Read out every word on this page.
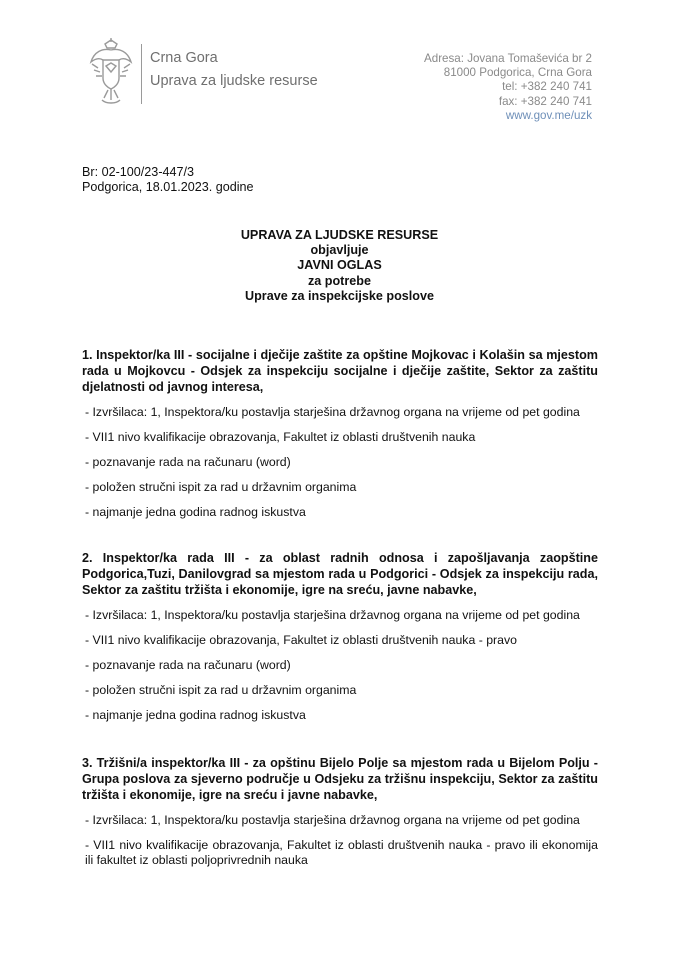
Crna Gora
Uprava za ljudske resurse
Adresa: Jovana Tomaševića br 2
81000 Podgorica, Crna Gora
tel: +382 240 741
fax: +382 240 741
www.gov.me/uzk
Br: 02-100/23-447/3
Podgorica, 18.01.2023. godine
UPRAVA ZA LJUDSKE RESURSE
objavljuje
JAVNI OGLAS
za potrebe
Uprave za inspekcijske poslove
1. Inspektor/ka III - socijalne i dječije zaštite za opštine Mojkovac i Kolašin sa mjestom rada u Mojkovcu - Odsjek za inspekciju socijalne i dječije zaštite, Sektor za zaštitu djelatnosti od javnog interesa,
- Izvršilaca: 1, Inspektora/ku postavlja starješina državnog organa na vrijeme od pet godina
- VII1 nivo kvalifikacije obrazovanja, Fakultet iz oblasti društvenih nauka
- poznavanje rada na računaru (word)
- položen stručni ispit za rad u državnim organima
- najmanje jedna godina radnog iskustva
2. Inspektor/ka rada III - za oblast radnih odnosa i zapošljavanja zaopštine Podgorica,Tuzi, Danilovgrad sa mjestom rada u Podgorici - Odsjek za inspekciju rada, Sektor za zaštitu tržišta i ekonomije, igre na sreću, javne nabavke,
- Izvršilaca: 1, Inspektora/ku postavlja starješina državnog organa na vrijeme od pet godina
- VII1 nivo kvalifikacije obrazovanja, Fakultet iz oblasti društvenih nauka - pravo
- poznavanje rada na računaru (word)
- položen stručni ispit za rad u državnim organima
- najmanje jedna godina radnog iskustva
3. Tržišni/a inspektor/ka III - za opštinu Bijelo Polje sa mjestom rada u Bijelom Polju - Grupa poslova za sjeverno područje u Odsjeku za tržišnu inspekciju, Sektor za zaštitu tržišta i ekonomije, igre na sreću i javne nabavke,
- Izvršilaca: 1, Inspektora/ku postavlja starješina državnog organa na vrijeme od pet godina
- VII1 nivo kvalifikacije obrazovanja, Fakultet iz oblasti društvenih nauka - pravo ili ekonomija ili fakultet iz oblasti poljoprivrednih nauka
